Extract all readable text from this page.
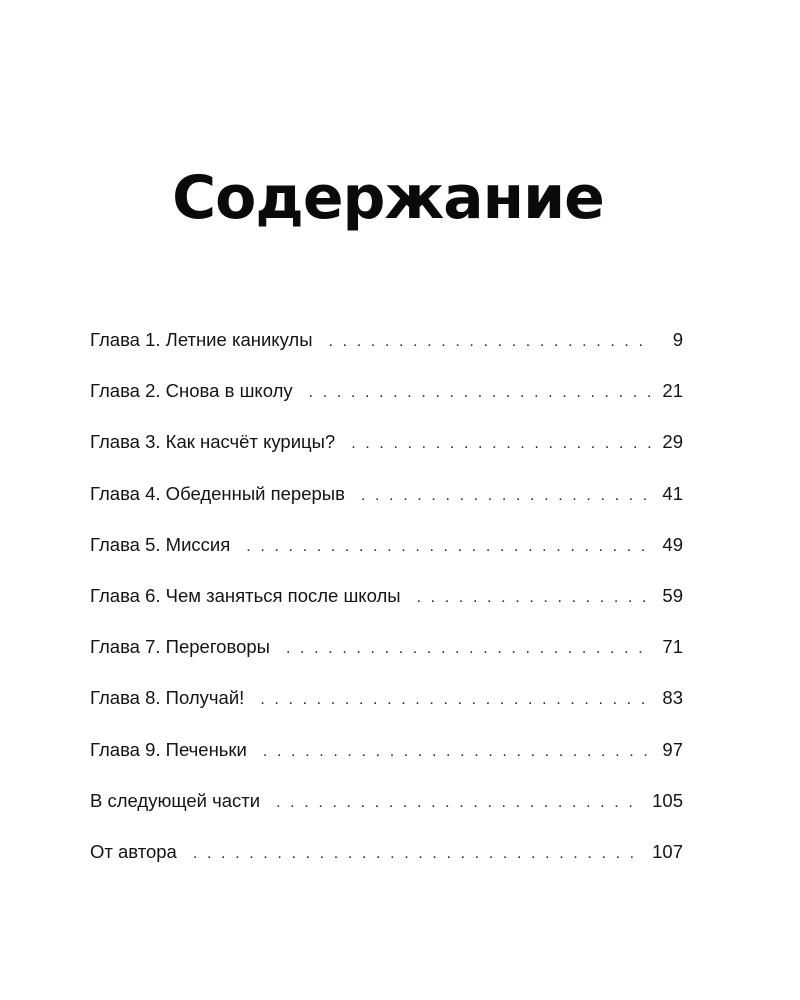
Содержание
Глава 1. Летние каникулы . . .	9
Глава 2. Снова в школу . . .	21
Глава 3. Как насчёт курицы? . . .	29
Глава 4. Обеденный перерыв . . .	41
Глава 5. Миссия . . .	49
Глава 6. Чем заняться после школы . . .	59
Глава 7. Переговоры . . .	71
Глава 8. Получай! . . .	83
Глава 9. Печеньки . . .	97
В следующей части . . .	105
От автора . . .	107
